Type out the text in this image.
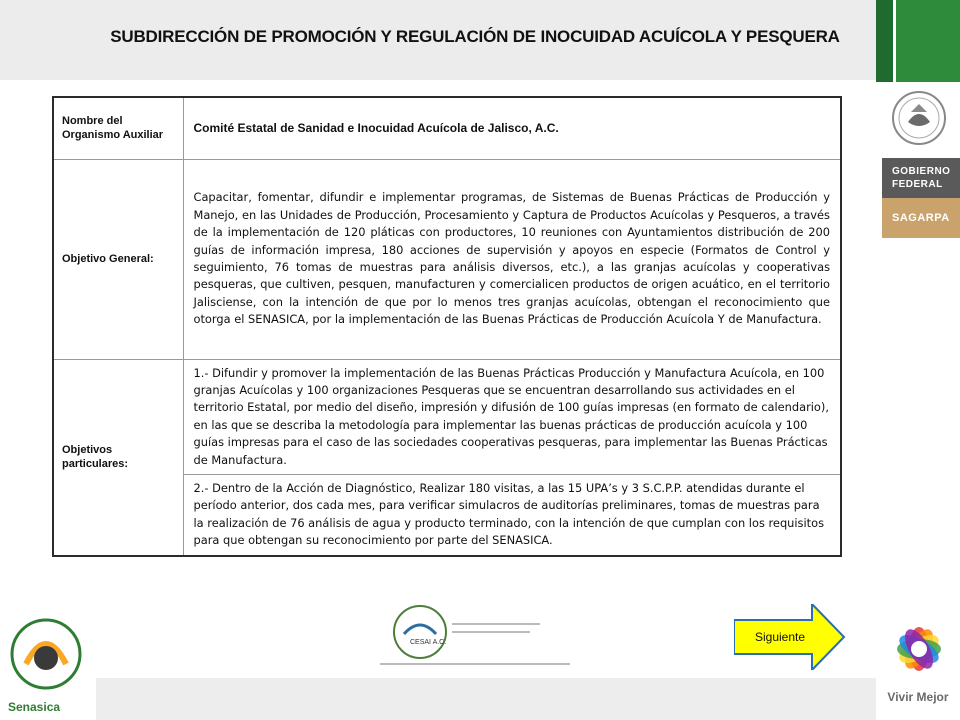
SUBDIRECCIÓN DE PROMOCIÓN Y REGULACIÓN DE INOCUIDAD ACUÍCOLA Y PESQUERA
GOBIERNO
FEDERAL
SAGARPA
Vivir Mejor
Nombre del Organismo Auxiliar	Comité Estatal de Sanidad e Inocuidad Acuícola de Jalisco, A.C.
Objetivo General:	Capacitar, fomentar, difundir e implementar programas, de Sistemas de Buenas Prácticas de Producción y Manejo, en las Unidades de Producción, Procesamiento y Captura de Productos Acuícolas y Pesqueros, a través de la implementación de 120 pláticas con productores, 10 reuniones con Ayuntamientos distribución de 200 guías de información impresa, 180 acciones de supervisión y apoyos en especie (Formatos de Control y seguimiento, 76 tomas de muestras para análisis diversos, etc.), a las granjas acuícolas y cooperativas pesqueras, que cultiven, pesquen, manufacturen y comercialicen productos de origen acuático, en el territorio Jalisciense, con la intención de que por lo menos tres granjas acuícolas, obtengan el reconocimiento que otorga el SENASICA, por la implementación de las Buenas Prácticas de Producción Acuícola Y de Manufactura.
Objetivos particulares:	1.- Difundir y promover la implementación de las Buenas Prácticas Producción y Manufactura Acuícola, en 100 granjas Acuícolas y 100 organizaciones Pesqueras que se encuentran desarrollando sus actividades en el territorio Estatal, por medio del diseño, impresión y difusión de 100 guías impresas (en formato de calendario), en las que se describa la metodología para implementar las buenas prácticas de producción acuícola y 100 guías impresas para el caso de las sociedades cooperativas pesqueras, para implementar las Buenas Prácticas de Manufactura.
	2.- Dentro de la Acción de Diagnóstico, Realizar 180 visitas, a las 15 UPA’s y 3 S.C.P.P. atendidas durante el período anterior, dos cada mes, para verificar simulacros de auditorías preliminares, tomas de muestras para la realización de 76 análisis de agua y producto terminado, con la intención de que cumplan con los requisitos para que obtengan su reconocimiento por parte del SENASICA.
Senasica
CESAI A.C.	Siguiente
